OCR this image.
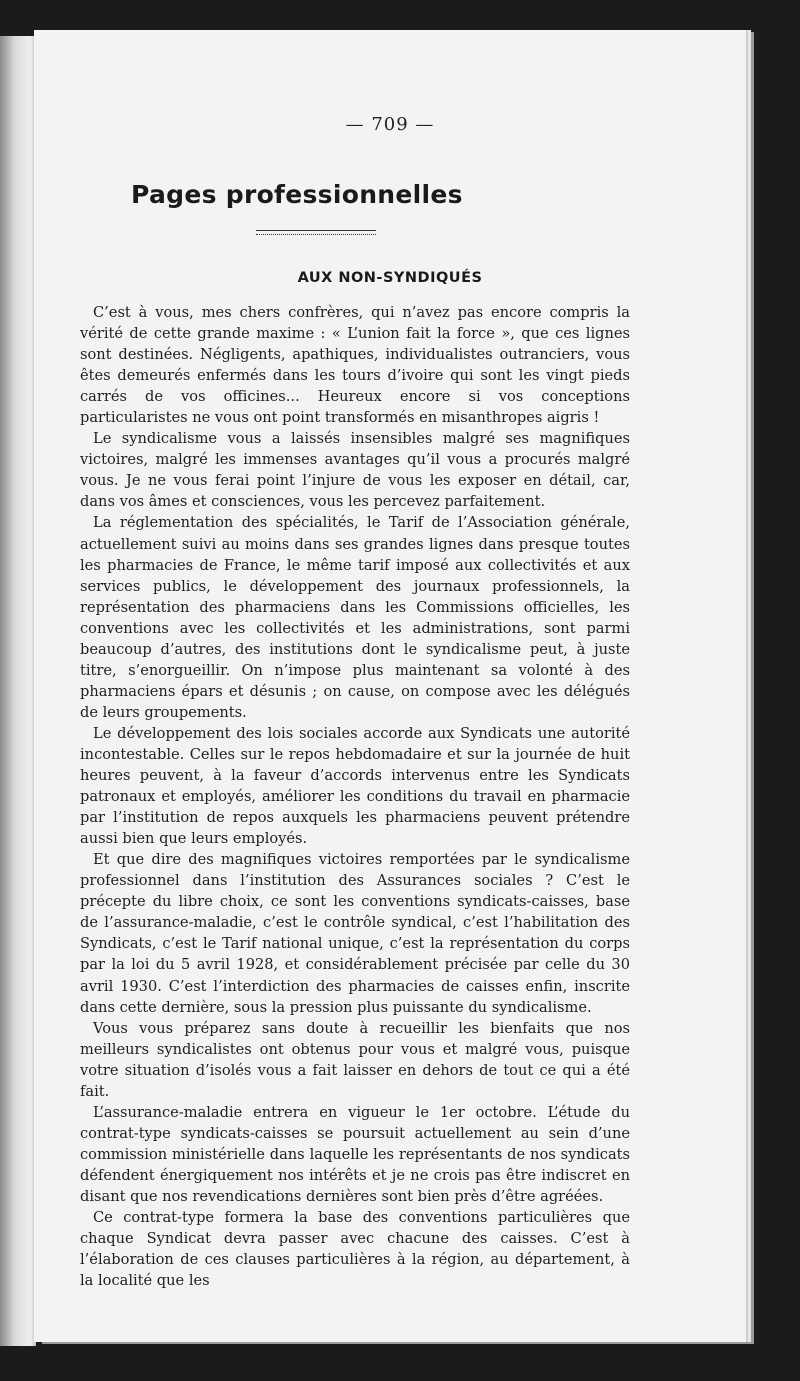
— 709 —
Pages professionnelles
AUX NON-SYNDIQUÉS

C’est à vous, mes chers confrères, qui n’avez pas encore compris la vérité de cette grande maxime : « L’union fait la force », que ces lignes sont destinées. Négligents, apathiques, individualistes outranciers, vous êtes demeurés enfermés dans les tours d’ivoire qui sont les vingt pieds carrés de vos officines... Heureux encore si vos conceptions particularistes ne vous ont point transformés en misanthropes aigris !

Le syndicalisme vous a laissés insensibles malgré ses magnifiques victoires, malgré les immenses avantages qu’il vous a procurés malgré vous. Je ne vous ferai point l’injure de vous les exposer en détail, car, dans vos âmes et consciences, vous les percevez parfaitement.

La réglementation des spécialités, le Tarif de l’Association générale, actuellement suivi au moins dans ses grandes lignes dans presque toutes les pharmacies de France, le même tarif imposé aux collectivités et aux services publics, le développement des journaux professionnels, la représentation des pharmaciens dans les Commissions officielles, les conventions avec les collectivités et les administrations, sont parmi beaucoup d’autres, des institutions dont le syndicalisme peut, à juste titre, s’enorgueillir. On n’impose plus maintenant sa volonté à des pharmaciens épars et désunis ; on cause, on compose avec les délégués de leurs groupements.

Le développement des lois sociales accorde aux Syndicats une autorité incontestable. Celles sur le repos hebdomadaire et sur la journée de huit heures peuvent, à la faveur d’accords intervenus entre les Syndicats patronaux et employés, améliorer les conditions du travail en pharmacie par l’institution de repos auxquels les pharmaciens peuvent prétendre aussi bien que leurs employés.

Et que dire des magnifiques victoires remportées par le syndicalisme professionnel dans l’institution des Assurances sociales ? C’est le précepte du libre choix, ce sont les conventions syndicats-caisses, base de l’assurance-maladie, c’est le contrôle syndical, c’est l’habilitation des Syndicats, c’est le Tarif national unique, c’est la représentation du corps par la loi du 5 avril 1928, et considérablement précisée par celle du 30 avril 1930. C’est l’interdiction des pharmacies de caisses enfin, inscrite dans cette dernière, sous la pression plus puissante du syndicalisme.

Vous vous préparez sans doute à recueillir les bienfaits que nos meilleurs syndicalistes ont obtenus pour vous et malgré vous, puisque votre situation d’isolés vous a fait laisser en dehors de tout ce qui a été fait.

L’assurance-maladie entrera en vigueur le 1er octobre. L’étude du contrat-type syndicats-caisses se poursuit actuellement au sein d’une commission ministérielle dans laquelle les représentants de nos syndicats défendent énergiquement nos intérêts et je ne crois pas être indiscret en disant que nos revendications dernières sont bien près d’être agréées.

Ce contrat-type formera la base des conventions particulières que chaque Syndicat devra passer avec chacune des caisses. C’est à l’élaboration de ces clauses particulières à la région, au département, à la localité que les
